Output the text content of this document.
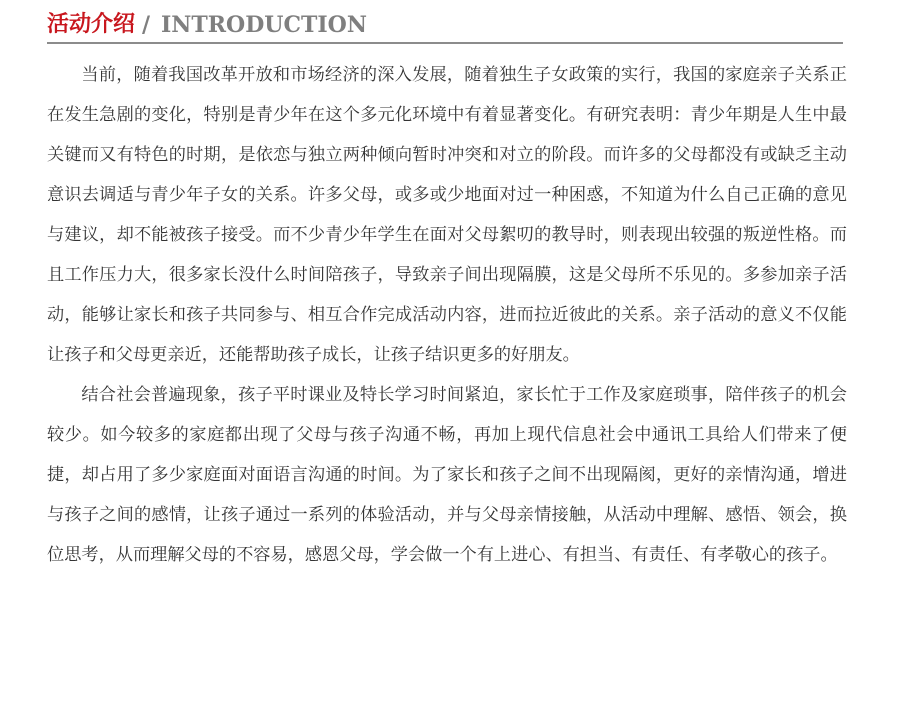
活动介绍 / INTRODUCTION

当前，随着我国改革开放和市场经济的深入发展，随着独生子女政策的实行，我国的家庭亲子关系正在发生急剧的变化，特别是青少年在这个多元化环境中有着显著变化。有研究表明：青少年期是人生中最关键而又有特色的时期，是依恋与独立两种倾向暂时冲突和对立的阶段。而许多的父母都没有或缺乏主动意识去调适与青少年子女的关系。许多父母，或多或少地面对过一种困惑，不知道为什么自己正确的意见与建议，却不能被孩子接受。而不少青少年学生在面对父母絮叨的教导时，则表现出较强的叛逆性格。而且工作压力大，很多家长没什么时间陪孩子，导致亲子间出现隔膜，这是父母所不乐见的。多参加亲子活动，能够让家长和孩子共同参与、相互合作完成活动内容，进而拉近彼此的关系。亲子活动的意义不仅能让孩子和父母更亲近，还能帮助孩子成长，让孩子结识更多的好朋友。

结合社会普遍现象，孩子平时课业及特长学习时间紧迫，家长忙于工作及家庭琐事，陪伴孩子的机会较少。如今较多的家庭都出现了父母与孩子沟通不畅，再加上现代信息社会中通讯工具给人们带来了便捷，却占用了多少家庭面对面语言沟通的时间。为了家长和孩子之间不出现隔阂，更好的亲情沟通，增进与孩子之间的感情，让孩子通过一系列的体验活动，并与父母亲情接触，从活动中理解、感悟、领会，换位思考，从而理解父母的不容易，感恩父母，学会做一个有上进心、有担当、有责任、有孝敬心的孩子。
